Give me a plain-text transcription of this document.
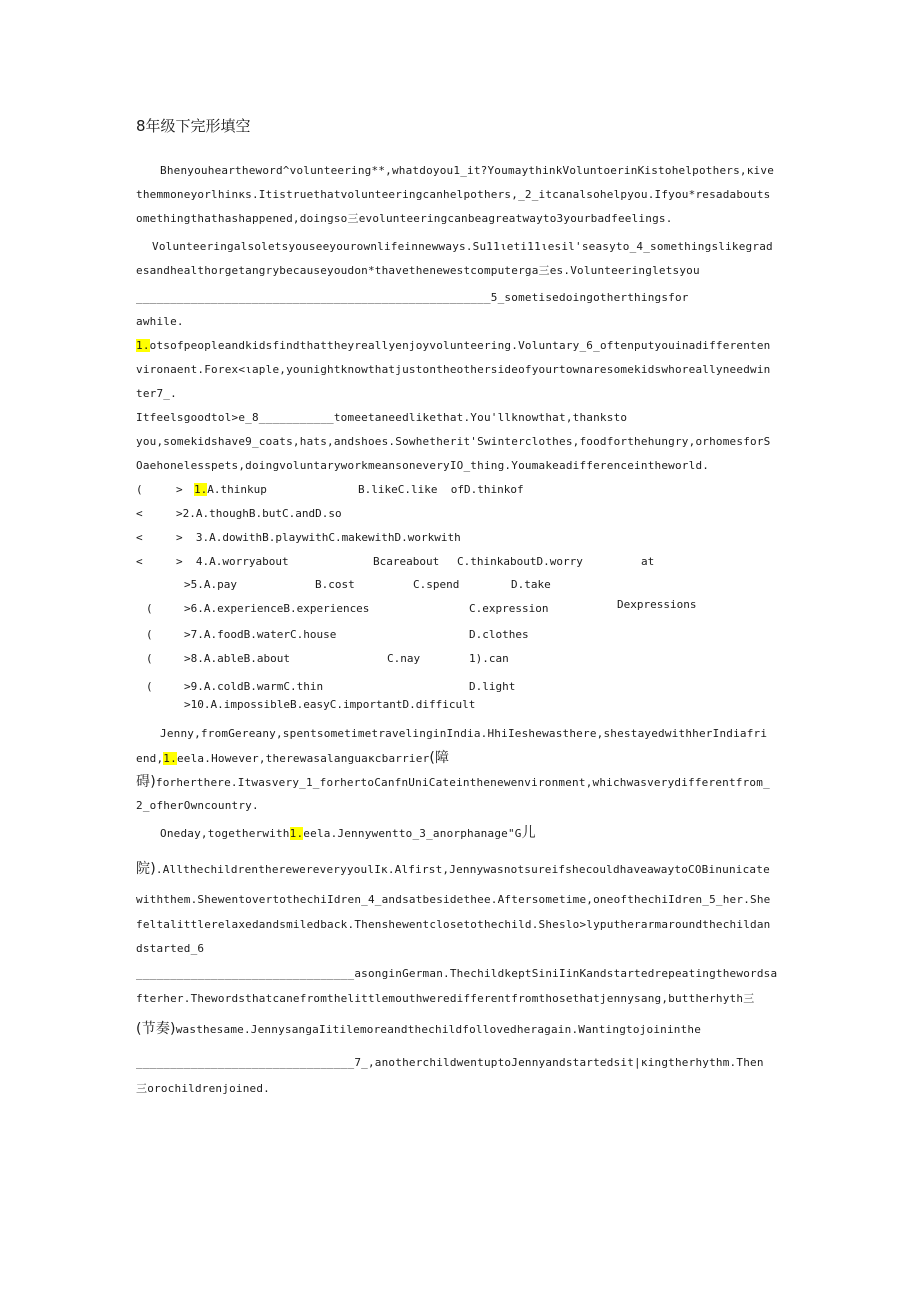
8年级下完形填空
Bhenyouheartheword^volunteering**,whatdoyou1_it?YoumaythinkVoluntoerinKistohelpothers,κive
themmoneyorlhinκs.Itistruethatvolunteeringcanhelpothers,_2_itcanalsohelpyou.Ifyou*resadabouts
omethingthathashappened,doingso三evolunteeringcanbeagreatwayto3yourbadfeelings.
Volunteeringalsoletsyouseeyourownlifeinnewways.Su11ιeti11ιesil'seasyto_4_somethingslikegrad
esandhealthorgetangrybecauseyoudon*thavethenewestcomputerga三es.Volunteeringletsyou
____________________________________________________5_sometisedoingotherthingsfor
awhile.
1.otsofpeopleandkidsfindthattheyreallyenjoyvolunteering.Voluntary_6_oftenputyouinadifferenten
vironaent.Forex<ιaple,younightknowthatjustontheothersideofyourtownaresomekidswhoreallyneedwin
ter7_.
Itfeelsgoodtol>e_8___________tomeetaneedlikethat.You'llknowthat,thanksto
you,somekidshave9_coats,hats,andshoes.Sowhetherit'Swinterclothes,foodforthehungry,orhomesforS
Oaehonelesspets,doingvoluntaryworkmeansoneveryIO_thing.Youmakeadifferenceintheworld.
(	> 1.A.thinkup	B.likeC.like  ofD.thinkof
<	>2.A.thoughB.butC.andD.so
<	>  3.A.dowithB.playwithC.makewithD.workwith
<	>  4.A.worryabout	Bcareabout C.thinkaboutD.worry	at
>5.A.pay	B.cost	C.spend	D.take
(	>6.A.experienceB.experiences	C.expression	Dexpressions
(	>7.A.foodB.waterC.house	D.clothes
(	>8.A.ableB.about	C.nay	1).can
(	>9.A.coldB.warmC.thin	D.light
>10.A.impossibleB.easyC.importantD.difficult
Jenny,fromGereany,spentsometimetravelinginIndia.HhiIeshewasthere,shestayedwithherIndiafri
end,1.eela.However,therewasalanguaκcbarrier(障
碍)forherthere.Itwasvery_1_forhertoCanfnUniCateinthenewenvironment,whichwasverydifferentfrom_
2_ofherOwncountry.
Oneday,togetherwith1.eela.Jennywentto_3_anorphanage"G儿
院).AllthechildrentherewereveryyoulΙκ.Alfirst,JennywasnotsureifshecouldhaveawaytoCOBinunicate
withthem.ShewentovertothechiIdren_4_andsatbesidethee.Aftersometime,oneofthechiIdren_5_her.She
feltalittlerelaxedandsmiledback.Thenshewentclosetothechild.Sheslo>lyputherarmaroundthechildan
dstarted_6
________________________________asonginGerman.ThechildkeptSiniIinKandstartedrepeatingthewordsa
fterher.Thewordsthatcanefromthelittlemouthweredifferentfromthosethatjennysang,buttherhyth三
(节奏)wasthesame.JennysangaIitilemoreandthechildfollovedheragain.Wantingtojoininthe
________________________________7_,anotherchildwentuptoJennyandstartedsit|κingtherhythm.Then
三orochildrenjoined.
